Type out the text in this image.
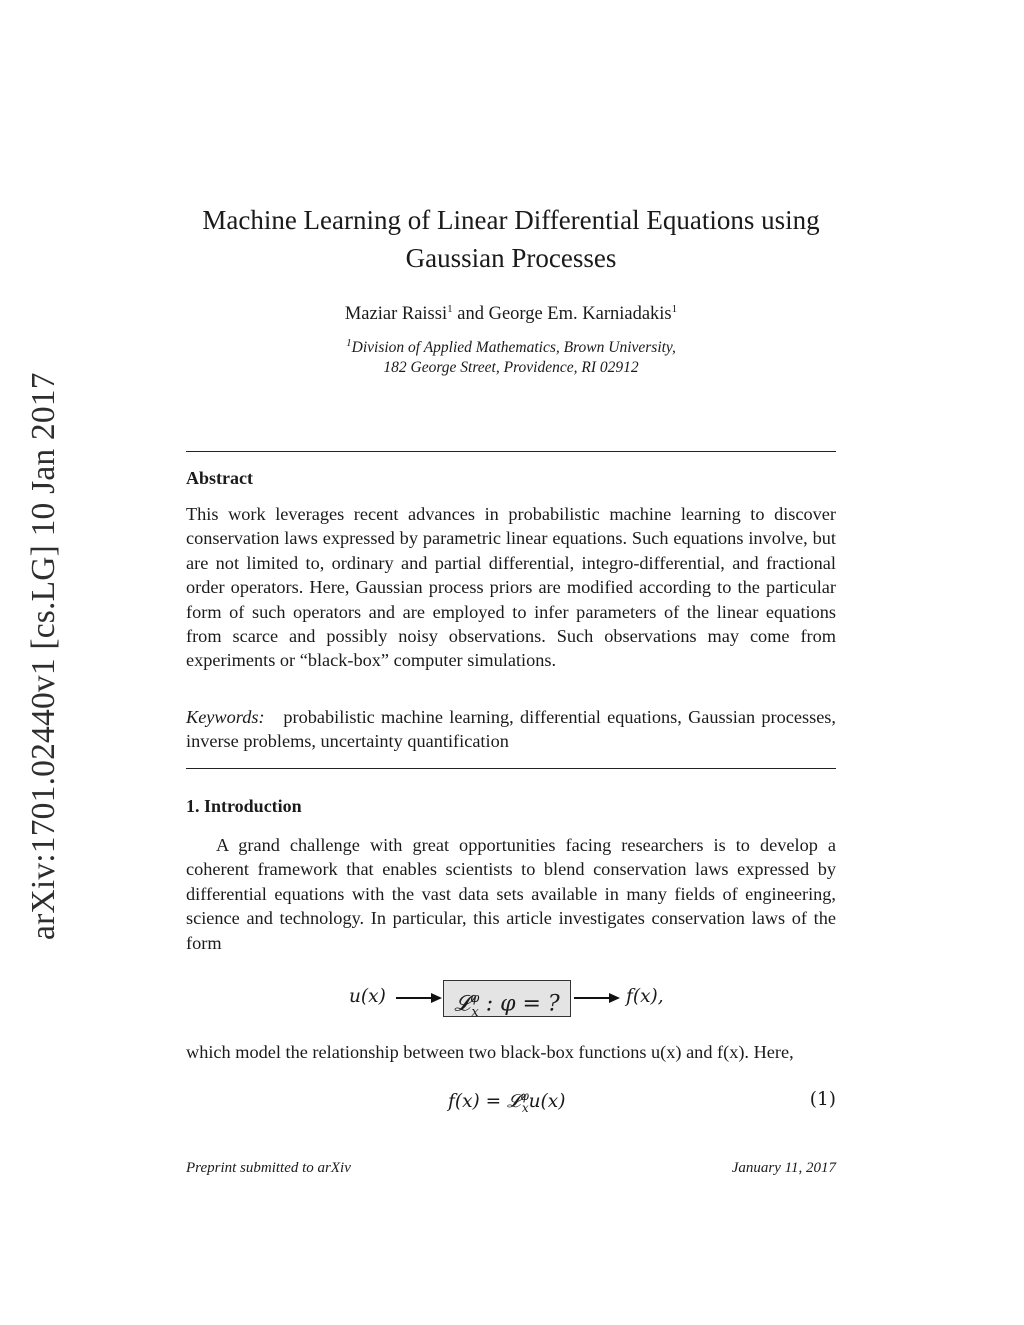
arXiv:1701.02440v1 [cs.LG] 10 Jan 2017
Machine Learning of Linear Differential Equations using
Gaussian Processes
Maziar Raissi$^1$ and George Em. Karniadakis$^1$
$^1$Division of Applied Mathematics, Brown University,
182 George Street, Providence, RI 02912
Abstract
This work leverages recent advances in probabilistic machine learning to discover conservation laws expressed by parametric linear equations. Such equations involve, but are not limited to, ordinary and partial differential, integro-differential, and fractional order operators. Here, Gaussian process priors are modified according to the particular form of such operators and are employed to infer parameters of the linear equations from scarce and possibly noisy observations. Such observations may come from experiments or “black-box” computer simulations.
Keywords: probabilistic machine learning, differential equations, Gaussian processes, inverse problems, uncertainty quantification
1. Introduction
A grand challenge with great opportunities facing researchers is to develop a coherent framework that enables scientists to blend conservation laws expressed by differential equations with the vast data sets available in many fields of engineering, science and technology. In particular, this article investigates conservation laws of the form
u(x)	𝓛$^\varphi_x$ : φ = ?	f(x),
which model the relationship between two black-box functions u(x) and f(x). Here,
f(x) = 𝓛$^\varphi_x$u(x)	(1)
Preprint submitted to arXiv	January 11, 2017
